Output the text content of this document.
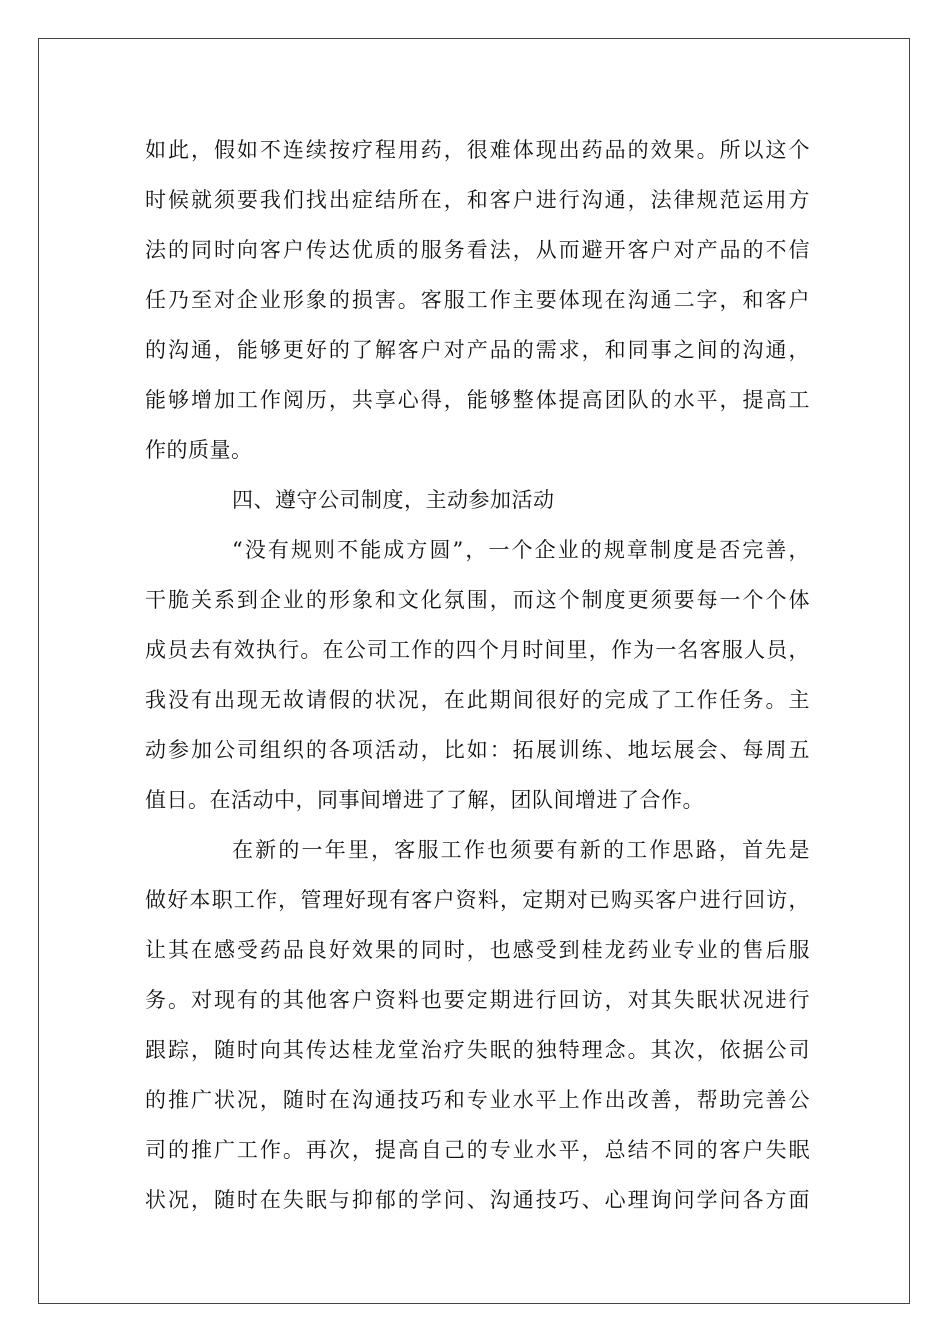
如此，假如不连续按疗程用药，很难体现出药品的效果。所以这个
时候就须要我们找出症结所在，和客户进行沟通，法律规范运用方
法的同时向客户传达优质的服务看法，从而避开客户对产品的不信
任乃至对企业形象的损害。客服工作主要体现在沟通二字，和客户
的沟通，能够更好的了解客户对产品的需求，和同事之间的沟通，
能够增加工作阅历，共享心得，能够整体提高团队的水平，提高工
作的质量。
四、遵守公司制度，主动参加活动
“没有规则不能成方圆”，一个企业的规章制度是否完善，
干脆关系到企业的形象和文化氛围，而这个制度更须要每一个个体
成员去有效执行。在公司工作的四个月时间里，作为一名客服人员，
我没有出现无故请假的状况，在此期间很好的完成了工作任务。主
动参加公司组织的各项活动，比如：拓展训练、地坛展会、每周五
值日。在活动中，同事间增进了了解，团队间增进了合作。
在新的一年里，客服工作也须要有新的工作思路，首先是
做好本职工作，管理好现有客户资料，定期对已购买客户进行回访，
让其在感受药品良好效果的同时，也感受到桂龙药业专业的售后服
务。对现有的其他客户资料也要定期进行回访，对其失眠状况进行
跟踪，随时向其传达桂龙堂治疗失眠的独特理念。其次，依据公司
的推广状况，随时在沟通技巧和专业水平上作出改善，帮助完善公
司的推广工作。再次，提高自己的专业水平，总结不同的客户失眠
状况，随时在失眠与抑郁的学问、沟通技巧、心理询问学问各方面
